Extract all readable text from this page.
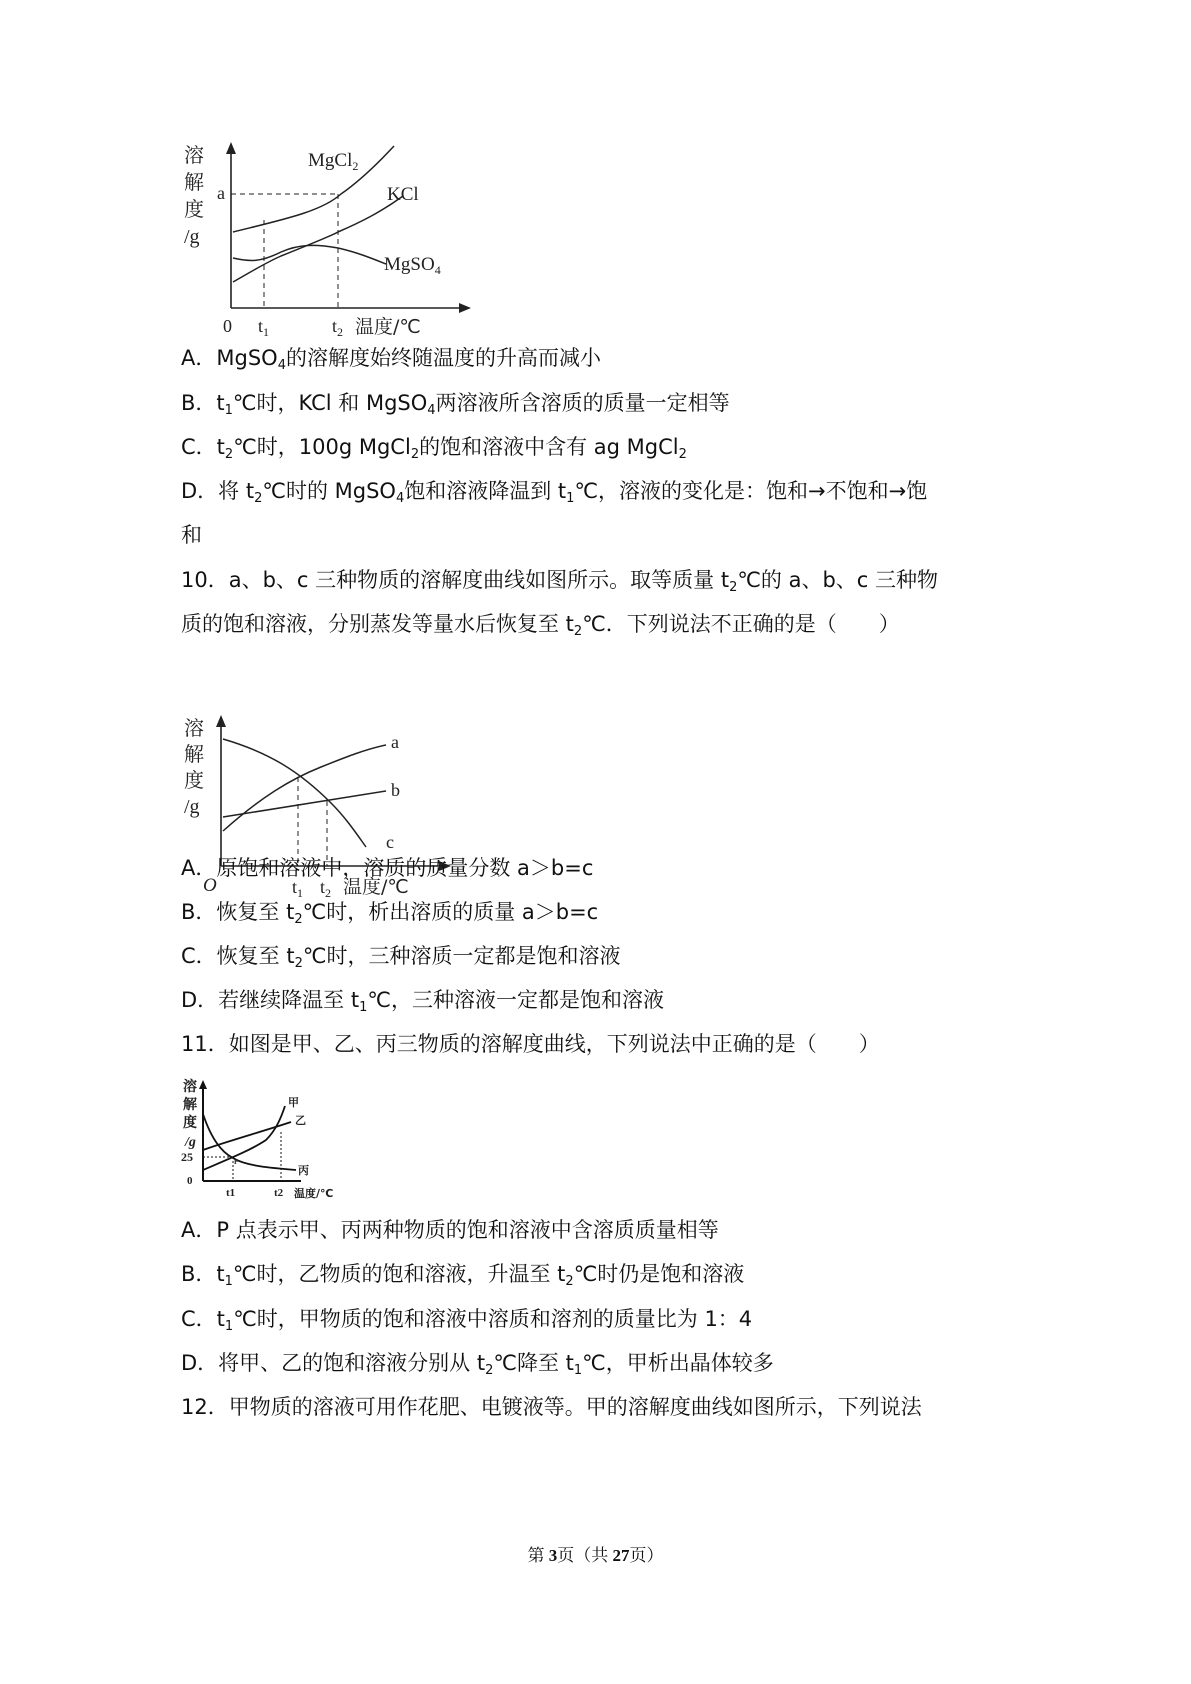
溶
解
度
/g
a
MgCl$_2$
KCl
MgSO$_4$
0 $t_1$	$t_2$ 温度/℃
A．MgSO$_4$的溶解度始终随温度的升高而减小
B．$t_1℃$时，KCl 和 MgSO$_4$两溶液所含溶质的质量一定相等
C．$t_2℃$时，100g MgCl$_2$的饱和溶液中含有 ag MgCl$_2$
D．将 $t_2℃$时的 MgSO$_4$饱和溶液降温到 $t_1℃$，溶液的变化是：饱和→不饱和→饱
和
10．a、b、c 三种物质的溶解度曲线如图所示。取等质量 $t_2℃$的 a、b、c 三种物
质的饱和溶液，分别蒸发等量水后恢复至 $t_2℃$．下列说法不正确的是（　　）
溶
解
度
/g
a
b
c
O	$t_1$ $t_2$ 温度/℃
A．原饱和溶液中，溶质的质量分数 a＞b=c
B．恢复至 $t_2℃$时，析出溶质的质量 a＞b=c
C．恢复至 $t_2℃$时，三种溶质一定都是饱和溶液
D．若继续降温至 $t_1℃$，三种溶液一定都是饱和溶液
11．如图是甲、乙、丙三物质的溶解度曲线，下列说法中正确的是（　　）
溶
解
度
/g
25
0
P
甲
乙
丙
t1	t2 温度/℃
A．P 点表示甲、丙两种物质的饱和溶液中含溶质质量相等
B．$t_1℃$时，乙物质的饱和溶液，升温至 $t_2℃$时仍是饱和溶液
C．$t_1℃$时，甲物质的饱和溶液中溶质和溶剂的质量比为 1：4
D．将甲、乙的饱和溶液分别从 $t_2℃$降至 $t_1℃$，甲析出晶体较多
12．甲物质的溶液可用作花肥、电镀液等。甲的溶解度曲线如图所示，下列说法
第 3页（共 27页）
